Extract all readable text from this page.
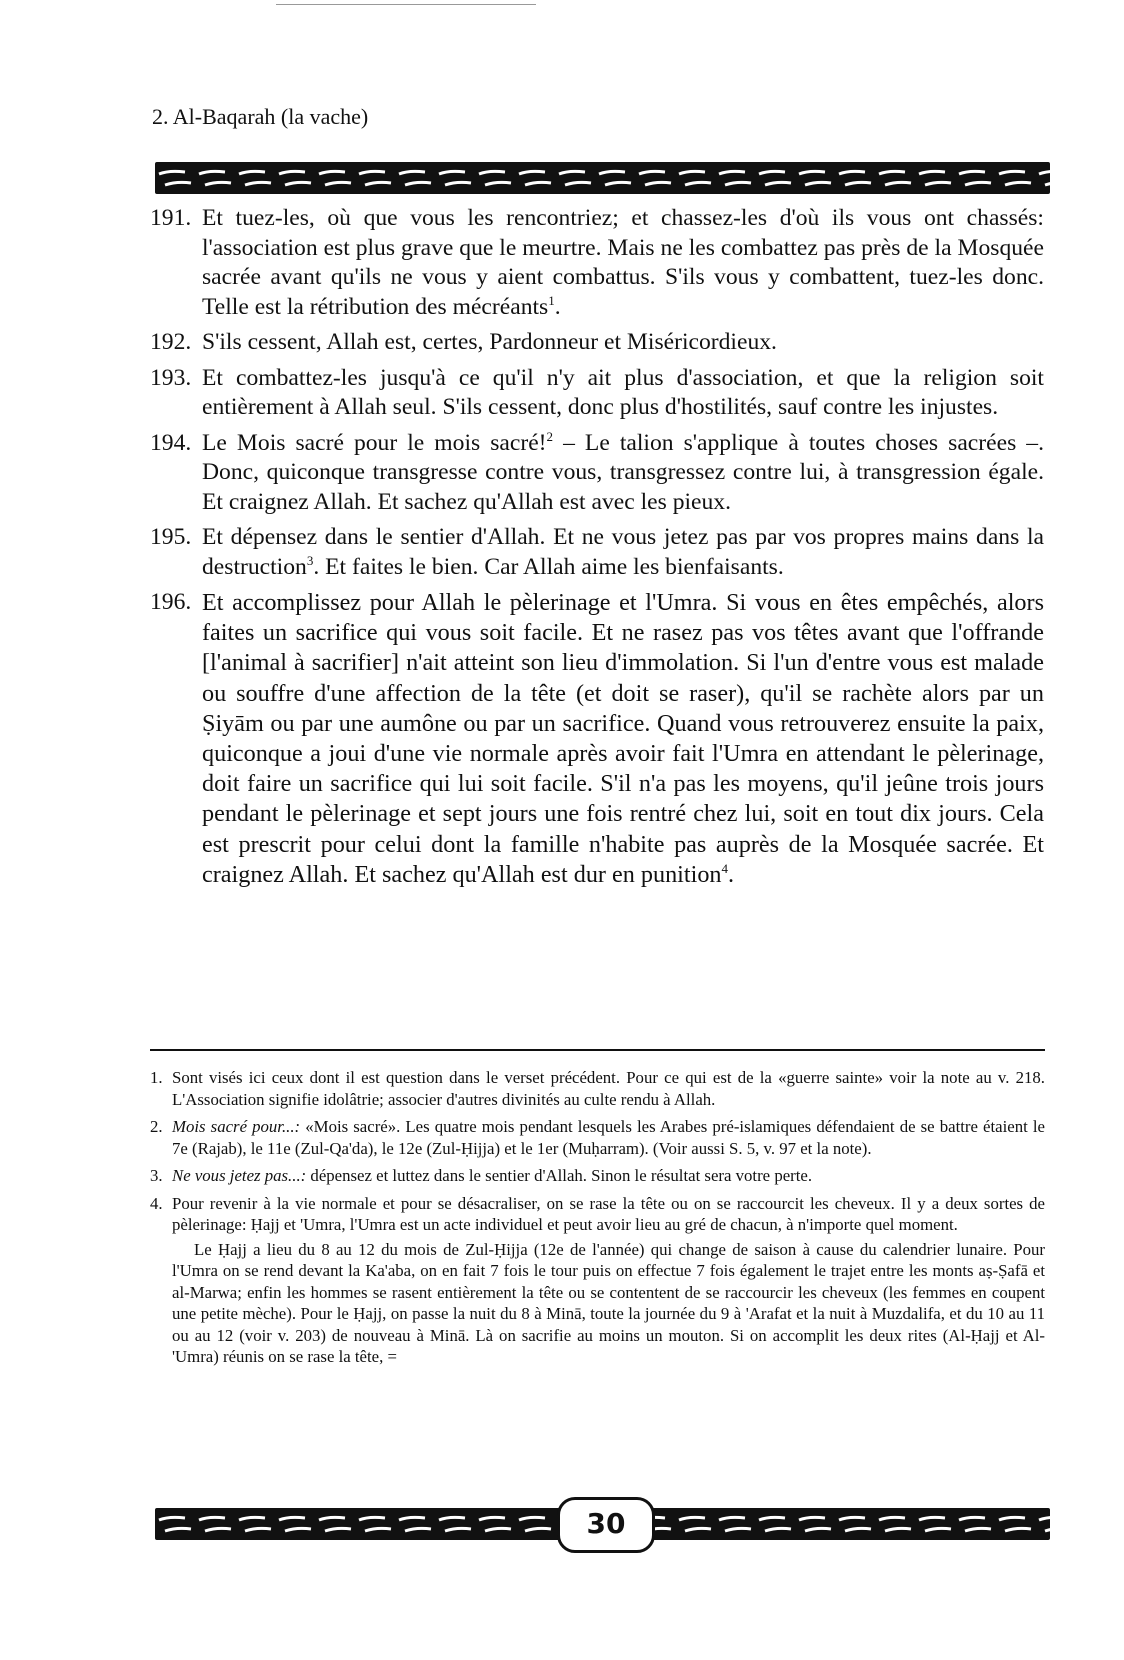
2. Al-Baqarah (la vache)
191. Et tuez-les, où que vous les rencontriez; et chassez-les d'où ils vous ont chassés: l'association est plus grave que le meurtre. Mais ne les combattez pas près de la Mosquée sacrée avant qu'ils ne vous y aient combattus. S'ils vous y combattent, tuez-les donc. Telle est la rétribution des mécréants$^1$.
192. S'ils cessent, Allah est, certes, Pardonneur et Miséricordieux.
193. Et combattez-les jusqu'à ce qu'il n'y ait plus d'association, et que la religion soit entièrement à Allah seul. S'ils cessent, donc plus d'hostilités, sauf contre les injustes.
194. Le Mois sacré pour le mois sacré!$^2$ – Le talion s'applique à toutes choses sacrées –. Donc, quiconque transgresse contre vous, transgressez contre lui, à transgression égale. Et craignez Allah. Et sachez qu'Allah est avec les pieux.
195. Et dépensez dans le sentier d'Allah. Et ne vous jetez pas par vos propres mains dans la destruction$^3$. Et faites le bien. Car Allah aime les bienfaisants.
196. Et accomplissez pour Allah le pèlerinage et l'Umra. Si vous en êtes empêchés, alors faites un sacrifice qui vous soit facile. Et ne rasez pas vos têtes avant que l'offrande [l'animal à sacrifier] n'ait atteint son lieu d'immolation. Si l'un d'entre vous est malade ou souffre d'une affection de la tête (et doit se raser), qu'il se rachète alors par un Ṣiyām ou par une aumône ou par un sacrifice. Quand vous retrouverez ensuite la paix, quiconque a joui d'une vie normale après avoir fait l'Umra en attendant le pèlerinage, doit faire un sacrifice qui lui soit facile. S'il n'a pas les moyens, qu'il jeûne trois jours pendant le pèlerinage et sept jours une fois rentré chez lui, soit en tout dix jours. Cela est prescrit pour celui dont la famille n'habite pas auprès de la Mosquée sacrée. Et craignez Allah. Et sachez qu'Allah est dur en punition$^4$.
1. Sont visés ici ceux dont il est question dans le verset précédent. Pour ce qui est de la «guerre sainte» voir la note au v. 218. L'Association signifie idolâtrie; associer d'autres divinités au culte rendu à Allah.
2. Mois sacré pour...: «Mois sacré». Les quatre mois pendant lesquels les Arabes pré-islamiques défendaient de se battre étaient le 7e (Rajab), le 11e (Zul-Qa'da), le 12e (Zul-Ḥijja) et le 1er (Muḥarram). (Voir aussi S. 5, v. 97 et la note).
3. Ne vous jetez pas...: dépensez et luttez dans le sentier d'Allah. Sinon le résultat sera votre perte.
4. Pour revenir à la vie normale et pour se désacraliser, on se rase la tête ou on se raccourcit les cheveux. Il y a deux sortes de pèlerinage: Ḥajj et 'Umra, l'Umra est un acte individuel et peut avoir lieu au gré de chacun, à n'importe quel moment.
Le Ḥajj a lieu du 8 au 12 du mois de Zul-Ḥijja (12e de l'année) qui change de saison à cause du calendrier lunaire. Pour l'Umra on se rend devant la Ka'aba, on en fait 7 fois le tour puis on effectue 7 fois également le trajet entre les monts aṣ-Ṣafā et al-Marwa; enfin les hommes se rasent entièrement la tête ou se contentent de se raccourcir les cheveux (les femmes en coupent une petite mèche). Pour le Ḥajj, on passe la nuit du 8 à Minā, toute la journée du 9 à 'Arafat et la nuit à Muzdalifa, et du 10 au 11 ou au 12 (voir v. 203) de nouveau à Minā. Là on sacrifie au moins un mouton. Si on accomplit les deux rites (Al-Ḥajj et Al-'Umra) réunis on se rase la tête, =
30
